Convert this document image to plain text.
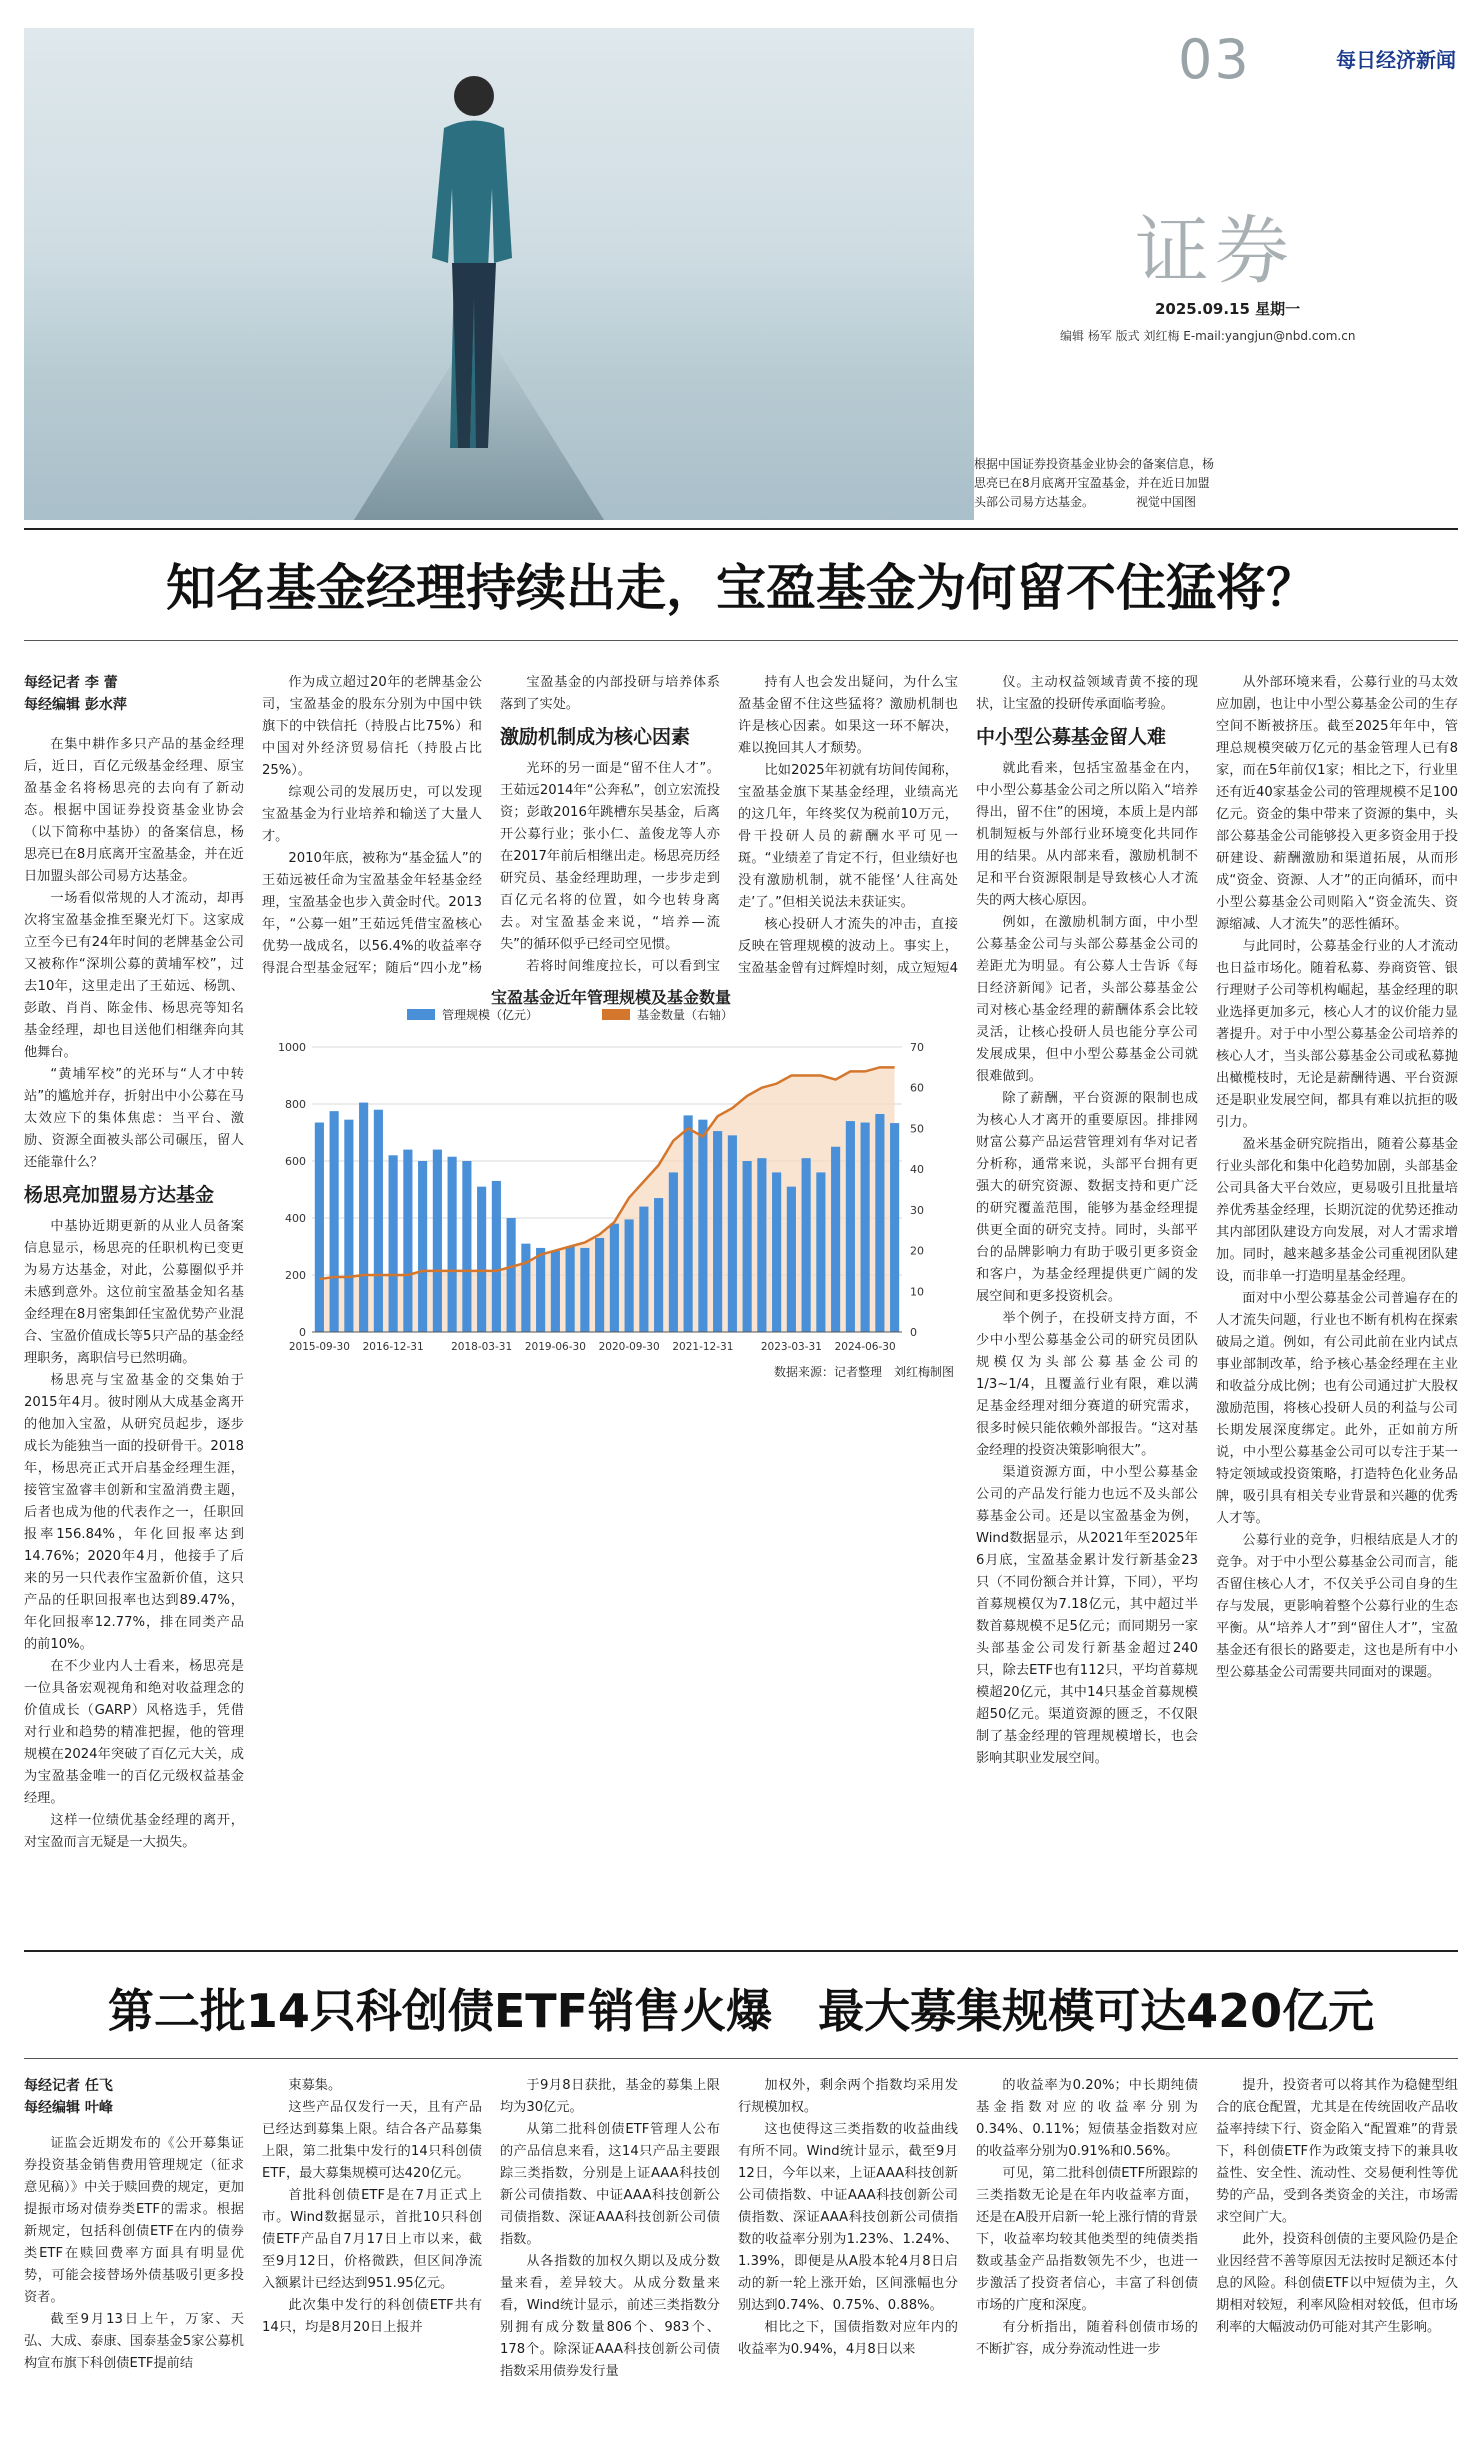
03	每日经济新闻
证券
2025.09.15 星期一
编辑 杨军 版式 刘红梅 E-mail:yangjun@nbd.com.cn
根据中国证券投资基金业协会的备案信息，杨思亮已在8月底离开宝盈基金，并在近日加盟头部公司易方达基金。　　　　视觉中国图
知名基金经理持续出走，宝盈基金为何留不住猛将？
每经记者 李 蕾
每经编辑 彭水萍

在集中耕作多只产品的基金经理后，近日，百亿元级基金经理、原宝盈基金名将杨思亮的去向有了新动态。根据中国证券投资基金业协会（以下简称中基协）的备案信息，杨思亮已在8月底离开宝盈基金，并在近日加盟头部公司易方达基金。

一场看似常规的人才流动，却再次将宝盈基金推至聚光灯下。这家成立至今已有24年时间的老牌基金公司又被称作“深圳公募的黄埔军校”，过去10年，这里走出了王茹远、杨凯、彭敢、肖肖、陈金伟、杨思亮等知名基金经理，却也目送他们相继奔向其他舞台。

“黄埔军校”的光环与“人才中转站”的尴尬并存，折射出中小公募在马太效应下的集体焦虑：当平台、激励、资源全面被头部公司碾压，留人还能靠什么？

杨思亮加盟易方达基金

中基协近期更新的从业人员备案信息显示，杨思亮的任职机构已变更为易方达基金，对此，公募圈似乎并未感到意外。这位前宝盈基金知名基金经理在8月密集卸任宝盈优势产业混合、宝盈价值成长等5只产品的基金经理职务，离职信号已然明确。

杨思亮与宝盈基金的交集始于2015年4月。彼时刚从大成基金离开的他加入宝盈，从研究员起步，逐步成长为能独当一面的投研骨干。2018年，杨思亮正式开启基金经理生涯，接管宝盈睿丰创新和宝盈消费主题，后者也成为他的代表作之一，任职回报率156.84%，年化回报率达到14.76%；2020年4月，他接手了后来的另一只代表作宝盈新价值，这只产品的任职回报率也达到89.47%，年化回报率12.77%，排在同类产品的前10%。

在不少业内人士看来，杨思亮是一位具备宏观视角和绝对收益理念的价值成长（GARP）风格选手，凭借对行业和趋势的精准把握，他的管理规模在2024年突破了百亿元大关，成为宝盈基金唯一的百亿元级权益基金经理。

这样一位绩优基金经理的离开，对宝盈而言无疑是一大损失。

作为成立超过20年的老牌基金公司，宝盈基金的股东分别为中国中铁旗下的中铁信托（持股占比75%）和中国对外经济贸易信托（持股占比25%）。

综观公司的发展历史，可以发现宝盈基金为行业培养和输送了大量人才。

2010年底，被称为“基金猛人”的王茹远被任命为宝盈基金年轻基金经理，宝盈基金也步入黄金时代。2013年，“公募一姐”王茹远凭借宝盈核心优势一战成名，以56.4%的收益率夺得混合型基金冠军；随后“四小龙”杨

宝盈基金的内部投研与培养体系落到了实处。

激励机制成为核心因素

光环的另一面是“留不住人才”。王茹远2014年“公奔私”，创立宏流投资；彭敢2016年跳槽东吴基金，后离开公募行业；张小仁、盖俊龙等人亦在2017年前后相继出走。杨思亮历经研究员、基金经理助理，一步步走到百亿元名将的位置，如今也转身离去。对宝盈基金来说，“培养—流失”的循环似乎已经司空见惯。

若将时间维度拉长，可以看到宝

持有人也会发出疑问，为什么宝盈基金留不住这些猛将？激励机制也许是核心因素。如果这一环不解决，难以挽回其人才颓势。

比如2025年初就有坊间传闻称，宝盈基金旗下某基金经理，业绩高光的这几年，年终奖仅为税前10万元，骨干投研人员的薪酬水平可见一斑。“业绩差了肯定不行，但业绩好也没有激励机制，就不能怪‘人往高处走’了。”但相关说法未获证实。

核心投研人才流失的冲击，直接反映在管理规模的波动上。事实上，宝盈基金曾有过辉煌时刻，成立短短4

仪。主动权益领域青黄不接的现状，让宝盈的投研传承面临考验。

中小型公募基金留人难

就此看来，包括宝盈基金在内，中小型公募基金公司之所以陷入“培养得出，留不住”的困境，本质上是内部机制短板与外部行业环境变化共同作用的结果。从内部来看，激励机制不足和平台资源限制是导致核心人才流失的两大核心原因。

例如，在激励机制方面，中小型公募基金公司与头部公募基金公司的差距尤为明显。有公募人士告诉《每日经济新闻》记者，头部公募基金公司对核心基金经理的薪酬体系会比较灵活，让核心投研人员也能分享公司发展成果，但中小型公募基金公司就很难做到。

除了薪酬，平台资源的限制也成为核心人才离开的重要原因。排排网财富公募产品运营管理刘有华对记者分析称，通常来说，头部平台拥有更强大的研究资源、数据支持和更广泛的研究覆盖范围，能够为基金经理提供更全面的研究支持。同时，头部平台的品牌影响力有助于吸引更多资金和客户，为基金经理提供更广阔的发展空间和更多投资机会。

举个例子，在投研支持方面，不少中小型公募基金公司的研究员团队规模仅为头部公募基金公司的1/3~1/4，且覆盖行业有限，难以满足基金经理对细分赛道的研究需求，很多时候只能依赖外部报告。“这对基金经理的投资决策影响很大”。

渠道资源方面，中小型公募基金公司的产品发行能力也远不及头部公募基金公司。还是以宝盈基金为例，Wind数据显示，从2021年至2025年6月底，宝盈基金累计发行新基金23只（不同份额合并计算，下同），平均首募规模仅为7.18亿元，其中超过半数首募规模不足5亿元；而同期另一家头部基金公司发行新基金超过240只，除去ETF也有112只，平均首募规模超20亿元，其中14只基金首募规模超50亿元。渠道资源的匮乏，不仅限制了基金经理的管理规模增长，也会影响其职业发展空间。

从外部环境来看，公募行业的马太效应加剧，也让中小型公募基金公司的生存空间不断被挤压。截至2025年年中，管理总规模突破万亿元的基金管理人已有8家，而在5年前仅1家；相比之下，行业里还有近40家基金公司的管理规模不足100亿元。资金的集中带来了资源的集中，头部公募基金公司能够投入更多资金用于投研建设、薪酬激励和渠道拓展，从而形成“资金、资源、人才”的正向循环，而中小型公募基金公司则陷入“资金流失、资源缩减、人才流失”的恶性循环。

与此同时，公募基金行业的人才流动也日益市场化。随着私募、券商资管、银行理财子公司等机构崛起，基金经理的职业选择更加多元，核心人才的议价能力显著提升。对于中小型公募基金公司培养的核心人才，当头部公募基金公司或私募抛出橄榄枝时，无论是薪酬待遇、平台资源还是职业发展空间，都具有难以抗拒的吸引力。

盈米基金研究院指出，随着公募基金行业头部化和集中化趋势加剧，头部基金公司具备大平台效应，更易吸引且批量培养优秀基金经理，长期沉淀的优势还推动其内部团队建设方向发展，对人才需求增加。同时，越来越多基金公司重视团队建设，而非单一打造明星基金经理。

面对中小型公募基金公司普遍存在的人才流失问题，行业也不断有机构在探索破局之道。例如，有公司此前在业内试点事业部制改革，给予核心基金经理在主业和收益分成比例；也有公司通过扩大股权激励范围，将核心投研人员的利益与公司长期发展深度绑定。此外，正如前方所说，中小型公募基金公司可以专注于某一特定领域或投资策略，打造特色化业务品牌，吸引具有相关专业背景和兴趣的优秀人才等。

公募行业的竞争，归根结底是人才的竞争。对于中小型公募基金公司而言，能否留住核心人才，不仅关乎公司自身的生存与发展，更影响着整个公募行业的生态平衡。从“培养人才”到“留住人才”，宝盈基金还有很长的路要走，这也是所有中小型公募基金公司需要共同面对的课题。

宝盈基金近年管理规模及基金数量
0
200
400
600
800
1000
0
10
20
30
40
50
60
70
2015-09-30 2016-12-31	2018-03-31 2019-06-30 2020-09-30 2021-12-31	2023-03-31 2024-06-30
管理规模（亿元）	基金数量（右轴）
数据来源：记者整理　刘红梅制图
第二批14只科创债ETF销售火爆　最大募集规模可达420亿元
每经记者 任飞
每经编辑 叶峰

证监会近期发布的《公开募集证券投资基金销售费用管理规定（征求意见稿）》中关于赎回费的规定，更加提振市场对债券类ETF的需求。根据新规定，包括科创债ETF在内的债券类ETF在赎回费率方面具有明显优势，可能会接替场外债基吸引更多投资者。

截至9月13日上午，万家、天弘、大成、泰康、国泰基金5家公募机构宣布旗下科创债ETF提前结

束募集。

这些产品仅发行一天，且有产品已经达到募集上限。结合各产品募集上限，第二批集中发行的14只科创债ETF，最大募集规模可达420亿元。

首批科创债ETF是在7月正式上市。Wind数据显示，首批10只科创债ETF产品自7月17日上市以来，截至9月12日，价格微跌，但区间净流入额累计已经达到951.95亿元。

此次集中发行的科创债ETF共有14只，均是8月20日上报并

于9月8日获批，基金的募集上限均为30亿元。

从第二批科创债ETF管理人公布的产品信息来看，这14只产品主要跟踪三类指数，分别是上证AAA科技创新公司债指数、中证AAA科技创新公司债指数、深证AAA科技创新公司债指数。

从各指数的加权久期以及成分数量来看，差异较大。从成分数量来看，Wind统计显示，前述三类指数分别拥有成分数量806个、983个、178个。除深证AAA科技创新公司债指数采用债券发行量

加权外，剩余两个指数均采用发行规模加权。

这也使得这三类指数的收益曲线有所不同。Wind统计显示，截至9月12日，今年以来，上证AAA科技创新公司债指数、中证AAA科技创新公司债指数、深证AAA科技创新公司债指数的收益率分别为1.23%、1.24%、1.39%，即便是从A股本轮4月8日启动的新一轮上涨开始，区间涨幅也分别达到0.74%、0.75%、0.88%。

相比之下，国债指数对应年内的收益率为0.94%，4月8日以来

的收益率为0.20%；中长期纯债基金指数对应的收益率分别为0.34%、0.11%；短债基金指数对应的收益率分别为0.91%和0.56%。

可见，第二批科创债ETF所跟踪的三类指数无论是在年内收益率方面，还是在A股开启新一轮上涨行情的背景下，收益率均较其他类型的纯债类指数或基金产品指数领先不少，也进一步激活了投资者信心，丰富了科创债市场的广度和深度。

有分析指出，随着科创债市场的不断扩容，成分券流动性进一步

提升，投资者可以将其作为稳健型组合的底仓配置，尤其是在传统固收产品收益率持续下行、资金陷入“配置难”的背景下，科创债ETF作为政策支持下的兼具收益性、安全性、流动性、交易便利性等优势的产品，受到各类资金的关注，市场需求空间广大。

此外，投资科创债的主要风险仍是企业因经营不善等原因无法按时足额还本付息的风险。科创债ETF以中短债为主，久期相对较短，利率风险相对较低，但市场利率的大幅波动仍可能对其产生影响。
